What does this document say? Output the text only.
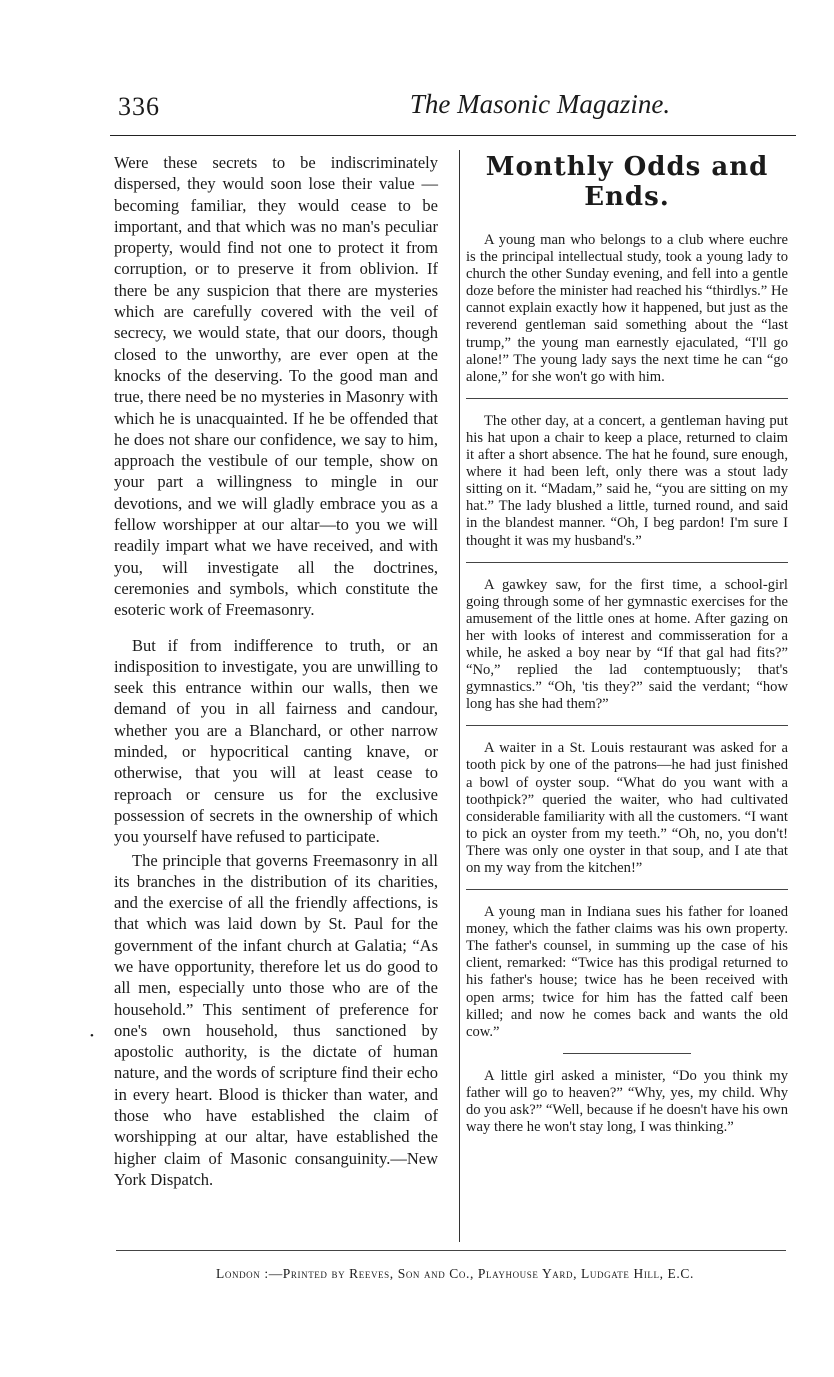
336	The Masonic Magazine.

Were these secrets to be indiscriminately dispersed, they would soon lose their value —becoming familiar, they would cease to be important, and that which was no man's peculiar property, would find not one to protect it from corruption, or to preserve it from oblivion. If there be any suspicion that there are mysteries which are carefully covered with the veil of secrecy, we would state, that our doors, though closed to the unworthy, are ever open at the knocks of the deserving. To the good man and true, there need be no mysteries in Masonry with which he is unacquainted. If he be offended that he does not share our confidence, we say to him, approach the vestibule of our temple, show on your part a willingness to mingle in our devotions, and we will gladly embrace you as a fellow worshipper at our altar—to you we will readily impart what we have received, and with you, will investigate all the doctrines, ceremonies and symbols, which constitute the esoteric work of Freemasonry.

But if from indifference to truth, or an indisposition to investigate, you are unwilling to seek this entrance within our walls, then we demand of you in all fairness and candour, whether you are a Blanchard, or other narrow minded, or hypocritical canting knave, or otherwise, that you will at least cease to reproach or censure us for the exclusive possession of secrets in the ownership of which you yourself have refused to participate.

The principle that governs Freemasonry in all its branches in the distribution of its charities, and the exercise of all the friendly affections, is that which was laid down by St. Paul for the government of the infant church at Galatia; “As we have opportunity, therefore let us do good to all men, especially unto those who are of the household.” This sentiment of preference for one's own household, thus sanctioned by apostolic authority, is the dictate of human nature, and the words of scripture find their echo in every heart. Blood is thicker than water, and those who have established the claim of worshipping at our altar, have established the higher claim of Masonic consanguinity.—New York Dispatch.

Monthly Odds and Ends.

A young man who belongs to a club where euchre is the principal intellectual study, took a young lady to church the other Sunday evening, and fell into a gentle doze before the minister had reached his “thirdlys.” He cannot explain exactly how it happened, but just as the reverend gentleman said something about the “last trump,” the young man earnestly ejaculated, “I'll go alone!” The young lady says the next time he can “go alone,” for she won't go with him.

The other day, at a concert, a gentleman having put his hat upon a chair to keep a place, returned to claim it after a short absence. The hat he found, sure enough, where it had been left, only there was a stout lady sitting on it. “Madam,” said he, “you are sitting on my hat.” The lady blushed a little, turned round, and said in the blandest manner. “Oh, I beg pardon! I'm sure I thought it was my husband's.”

A gawkey saw, for the first time, a school-girl going through some of her gymnastic exercises for the amusement of the little ones at home. After gazing on her with looks of interest and commisseration for a while, he asked a boy near by “If that gal had fits?” “No,” replied the lad contemptuously; that's gymnastics.” “Oh, 'tis they?” said the verdant; “how long has she had them?”

A waiter in a St. Louis restaurant was asked for a tooth pick by one of the patrons—he had just finished a bowl of oyster soup. “What do you want with a toothpick?” queried the waiter, who had cultivated considerable familiarity with all the customers. “I want to pick an oyster from my teeth.” “Oh, no, you don't! There was only one oyster in that soup, and I ate that on my way from the kitchen!”

A young man in Indiana sues his father for loaned money, which the father claims was his own property. The father's counsel, in summing up the case of his client, remarked: “Twice has this prodigal returned to his father's house; twice has he been received with open arms; twice for him has the fatted calf been killed; and now he comes back and wants the old cow.”

A little girl asked a minister, “Do you think my father will go to heaven?” “Why, yes, my child. Why do you ask?” “Well, because if he doesn't have his own way there he won't stay long, I was thinking.”

•
London :—Printed by Reeves, Son and Co., Playhouse Yard, Ludgate Hill, E.C.
